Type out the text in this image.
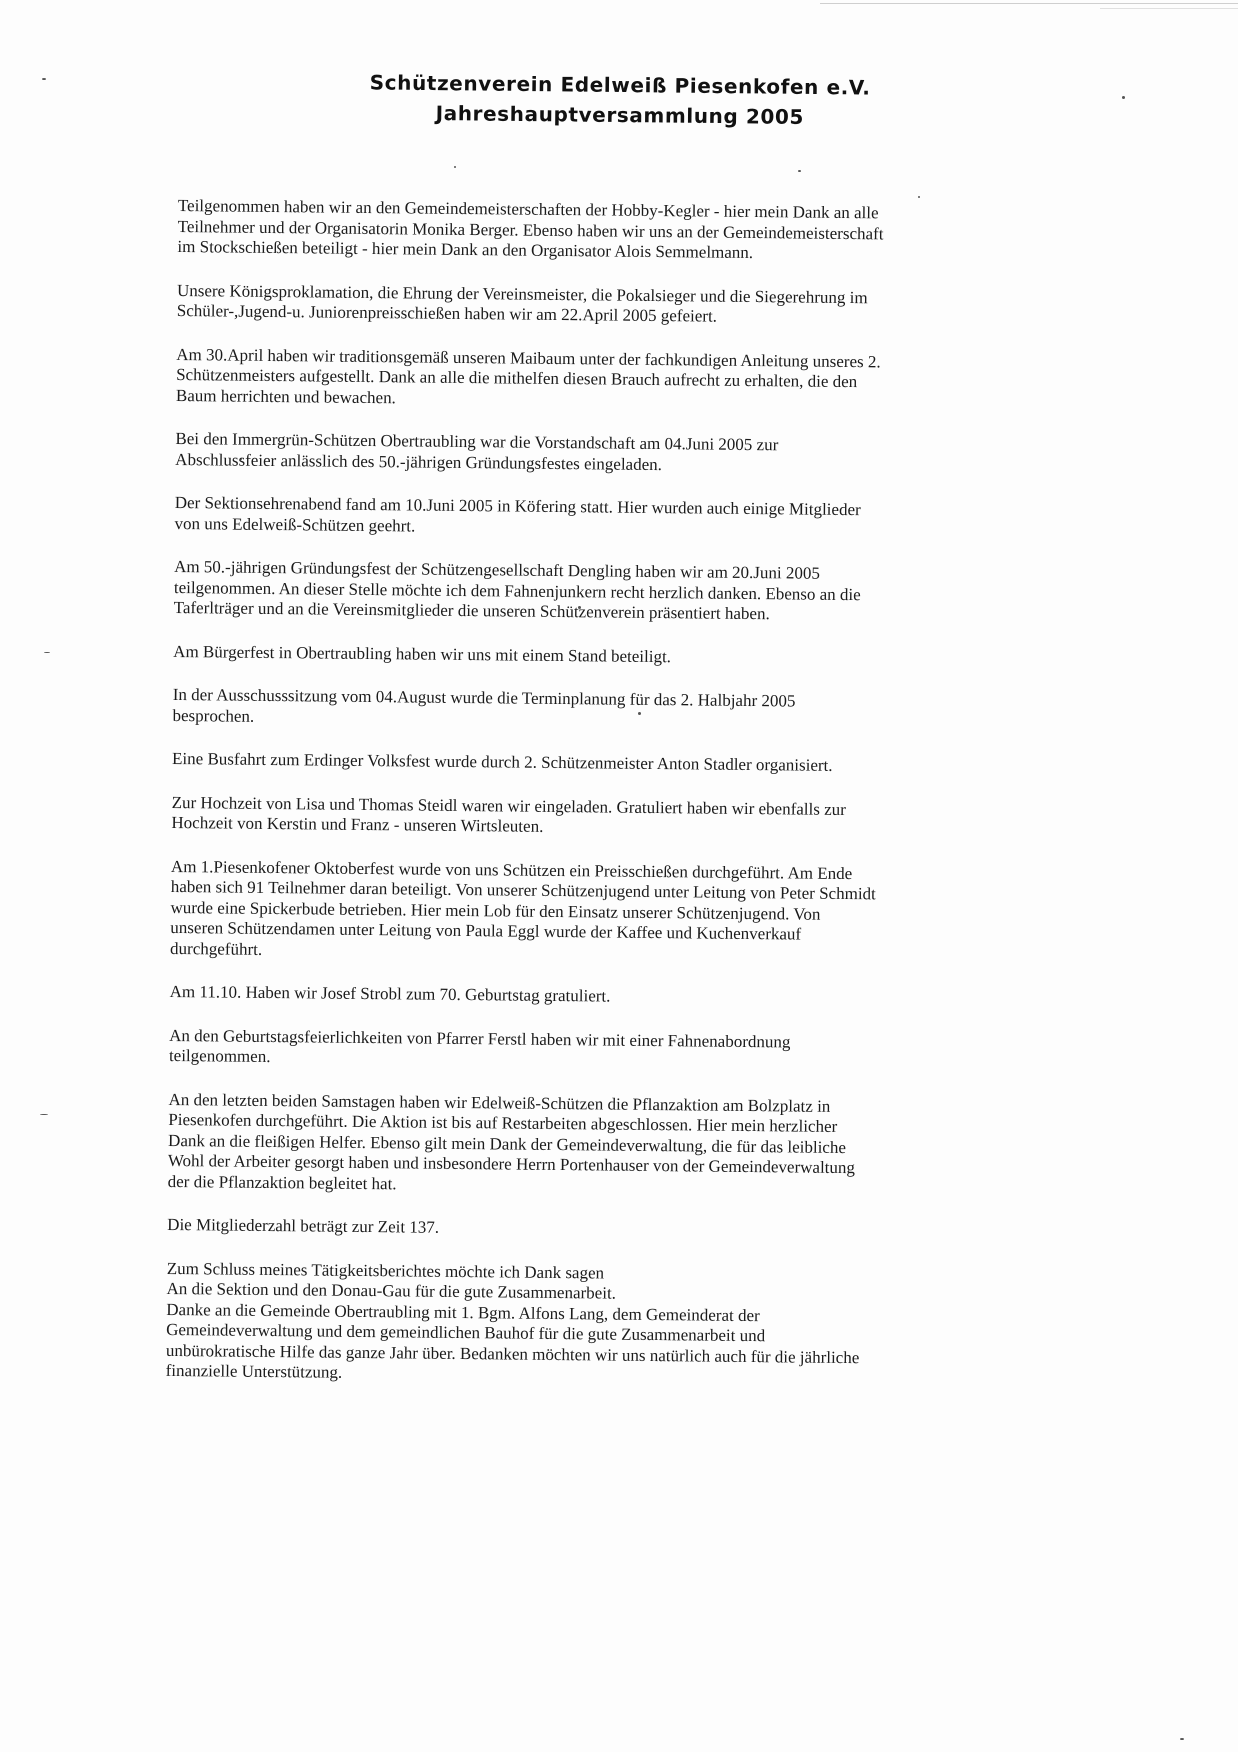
Schützenverein Edelweiß Piesenkofen e.V.
Jahreshauptversammlung 2005

Teilgenommen haben wir an den Gemeindemeisterschaften der Hobby-Kegler - hier mein Dank an alle
Teilnehmer und der Organisatorin Monika Berger. Ebenso haben wir uns an der Gemeindemeisterschaft
im Stockschießen beteiligt - hier mein Dank an den Organisator Alois Semmelmann.

Unsere Königsproklamation, die Ehrung der Vereinsmeister, die Pokalsieger und die Siegerehrung im
Schüler-,Jugend-u. Juniorenpreisschießen haben wir am 22.April 2005 gefeiert.

Am 30.April haben wir traditionsgemäß unseren Maibaum unter der fachkundigen Anleitung unseres 2.
Schützenmeisters aufgestellt. Dank an alle die mithelfen diesen Brauch aufrecht zu erhalten, die den
Baum herrichten und bewachen.

Bei den Immergrün-Schützen Obertraubling war die Vorstandschaft am 04.Juni 2005 zur
Abschlussfeier anlässlich des 50.-jährigen Gründungsfestes eingeladen.

Der Sektionsehrenabend fand am 10.Juni 2005 in Köfering statt. Hier wurden auch einige Mitglieder
von uns Edelweiß-Schützen geehrt.

Am 50.-jährigen Gründungsfest der Schützengesellschaft Dengling haben wir am 20.Juni 2005
teilgenommen. An dieser Stelle möchte ich dem Fahnenjunkern recht herzlich danken. Ebenso an die
Taferlträger und an die Vereinsmitglieder die unseren Schützenverein präsentiert haben.

Am Bürgerfest in Obertraubling haben wir uns mit einem Stand beteiligt.

In der Ausschusssitzung vom 04.August wurde die Terminplanung für das 2. Halbjahr 2005
besprochen.

Eine Busfahrt zum Erdinger Volksfest wurde durch 2. Schützenmeister Anton Stadler organisiert.

Zur Hochzeit von Lisa und Thomas Steidl waren wir eingeladen. Gratuliert haben wir ebenfalls zur
Hochzeit von Kerstin und Franz - unseren Wirtsleuten.

Am 1.Piesenkofener Oktoberfest wurde von uns Schützen ein Preisschießen durchgeführt. Am Ende
haben sich 91 Teilnehmer daran beteiligt. Von unserer Schützenjugend unter Leitung von Peter Schmidt
wurde eine Spickerbude betrieben. Hier mein Lob für den Einsatz unserer Schützenjugend. Von
unseren Schützendamen unter Leitung von Paula Eggl wurde der Kaffee und Kuchenverkauf
durchgeführt.

Am 11.10. Haben wir Josef Strobl zum 70. Geburtstag gratuliert.

An den Geburtstagsfeierlichkeiten von Pfarrer Ferstl haben wir mit einer Fahnenabordnung
teilgenommen.

An den letzten beiden Samstagen haben wir Edelweiß-Schützen die Pflanzaktion am Bolzplatz in
Piesenkofen durchgeführt. Die Aktion ist bis auf Restarbeiten abgeschlossen. Hier mein herzlicher
Dank an die fleißigen Helfer. Ebenso gilt mein Dank der Gemeindeverwaltung, die für das leibliche
Wohl der Arbeiter gesorgt haben und insbesondere Herrn Portenhauser von der Gemeindeverwaltung
der die Pflanzaktion begleitet hat.

Die Mitgliederzahl beträgt zur Zeit 137.

Zum Schluss meines Tätigkeitsberichtes möchte ich Dank sagen
An die Sektion und den Donau-Gau für die gute Zusammenarbeit.
Danke an die Gemeinde Obertraubling mit 1. Bgm. Alfons Lang, dem Gemeinderat der
Gemeindeverwaltung und dem gemeindlichen Bauhof für die gute Zusammenarbeit und
unbürokratische Hilfe das ganze Jahr über. Bedanken möchten wir uns natürlich auch für die jährliche
finanzielle Unterstützung.
